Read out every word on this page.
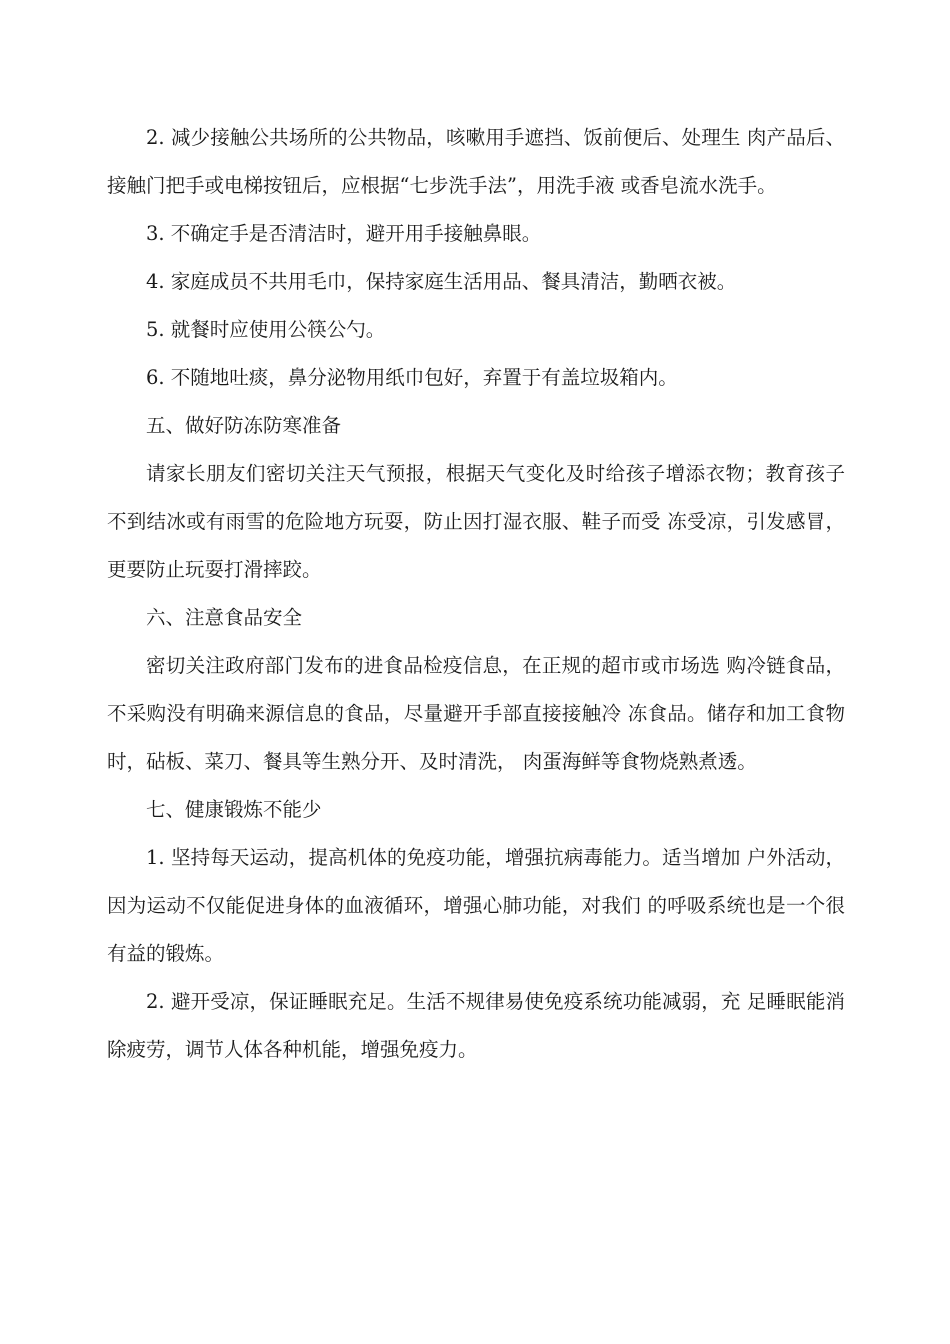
2. 减少接触公共场所的公共物品，咳嗽用手遮挡、饭前便后、处理生 肉产品后、接触门把手或电梯按钮后，应根据“七步洗手法”，用洗手液 或香皂流水洗手。

3. 不确定手是否清洁时，避开用手接触鼻眼。

4. 家庭成员不共用毛巾，保持家庭生活用品、餐具清洁，勤晒衣被。

5. 就餐时应使用公筷公勺。

6. 不随地吐痰，鼻分泌物用纸巾包好，弃置于有盖垃圾箱内。

五、做好防冻防寒准备

请家长朋友们密切关注天气预报，根据天气变化及时给孩子增添衣物；教育孩子不到结冰或有雨雪的危险地方玩耍，防止因打湿衣服、鞋子而受 冻受凉，引发感冒，更要防止玩耍打滑摔跤。

六、注意食品安全

密切关注政府部门发布的进食品检疫信息，在正规的超市或市场选 购冷链食品，不采购没有明确来源信息的食品，尽量避开手部直接接触冷 冻食品。储存和加工食物时，砧板、菜刀、餐具等生熟分开、及时清洗， 肉蛋海鲜等食物烧熟煮透。

七、健康锻炼不能少

1. 坚持每天运动，提高机体的免疫功能，增强抗病毒能力。适当增加 户外活动，因为运动不仅能促进身体的血液循环，增强心肺功能，对我们 的呼吸系统也是一个很有益的锻炼。

2. 避开受凉，保证睡眠充足。生活不规律易使免疫系统功能减弱，充 足睡眠能消除疲劳，调节人体各种机能，增强免疫力。
